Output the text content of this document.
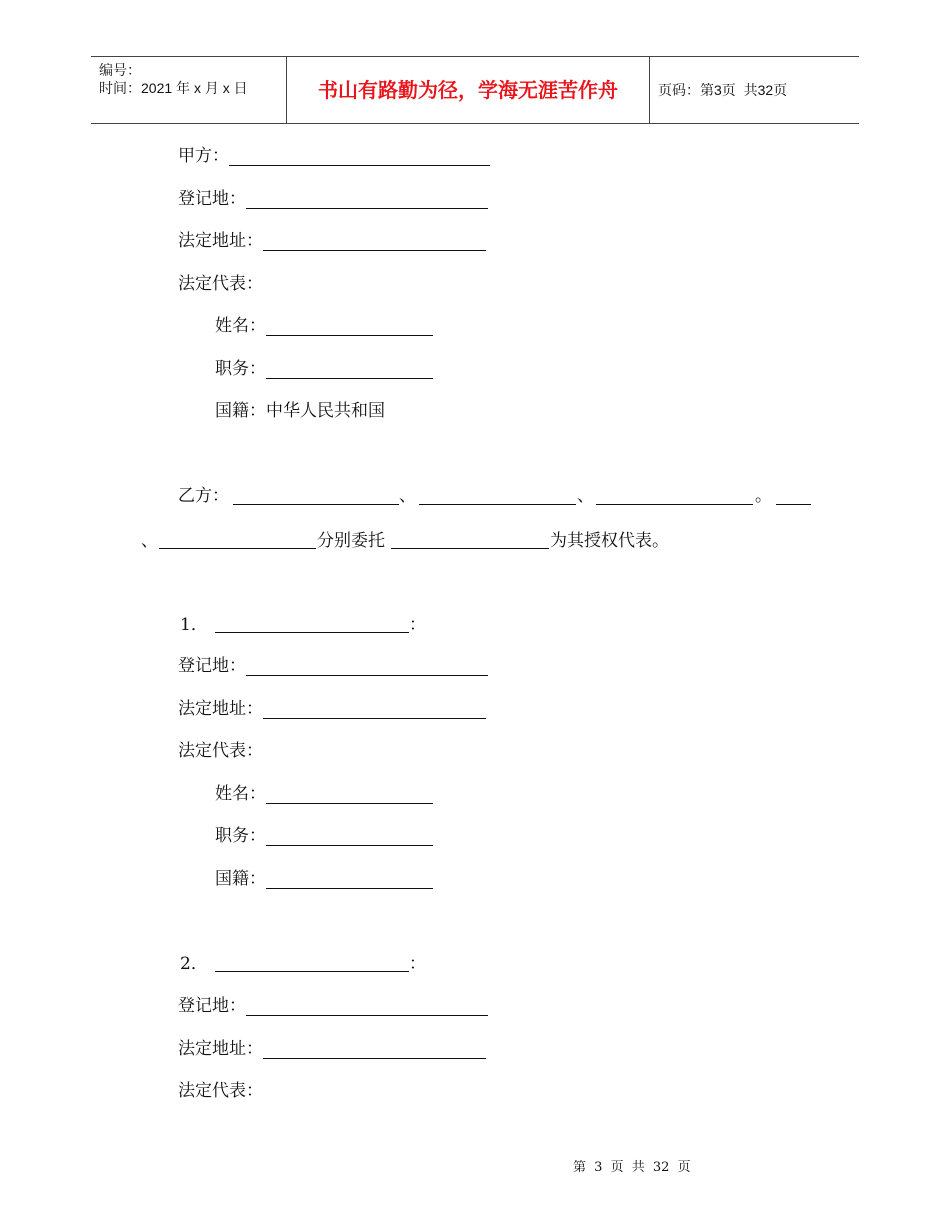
编号：
时间：2021 年 x 月 x 日	书山有路勤为径，学海无涯苦作舟	页码：第3页 共32页
甲方：
登记地：
法定地址：
法定代表：
姓名：
职务：
国籍：中华人民共和国
乙方：	、	、	。
、	分别委托	为其授权代表。
1．	：
登记地：
法定地址：
法定代表：
姓名：
职务：
国籍：
2．	：
登记地：
法定地址：
法定代表：
第 3 页 共 32 页
